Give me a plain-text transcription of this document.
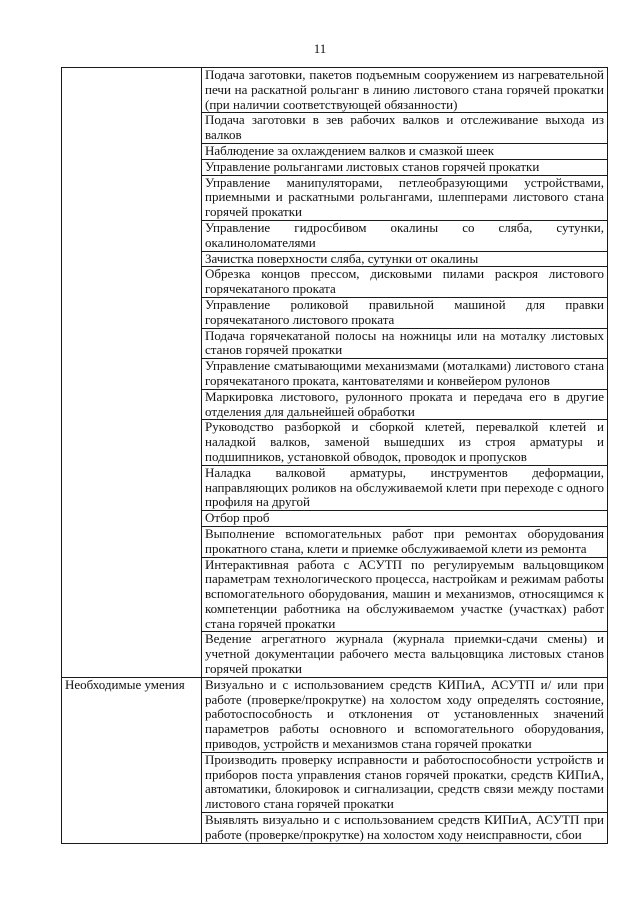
11
	Подача заготовки, пакетов подъемным сооружением из нагревательной печи на раскатной рольганг в линию листового стана горячей прокатки (при наличии соответствующей обязанности)
	Подача заготовки в зев рабочих валков и отслеживание выхода из валков
	Наблюдение за охлаждением валков и смазкой шеек
	Управление рольгангами листовых станов горячей прокатки
	Управление манипуляторами, петлеобразующими устройствами, приемными и раскатными рольгангами, шлепперами листового стана горячей прокатки
	Управление гидросбивом окалины со сляба, сутунки, окалиноломателями
	Зачистка поверхности сляба, сутунки от окалины
	Обрезка концов прессом, дисковыми пилами раскроя листового горячекатаного проката
	Управление роликовой правильной машиной для правки горячекатаного листового проката
	Подача горячекатаной полосы на ножницы или на моталку листовых станов горячей прокатки
	Управление сматывающими механизмами (моталками) листового стана горячекатаного проката, кантователями и конвейером рулонов
	Маркировка листового, рулонного проката и передача его в другие отделения для дальнейшей обработки
	Руководство разборкой и сборкой клетей, перевалкой клетей и наладкой валков, заменой вышедших из строя арматуры и подшипников, установкой обводок, проводок и пропусков
	Наладка валковой арматуры, инструментов деформации, направляющих роликов на обслуживаемой клети при переходе с одного профиля на другой
	Отбор проб
	Выполнение вспомогательных работ при ремонтах оборудования прокатного стана, клети и приемке обслуживаемой клети из ремонта
	Интерактивная работа с АСУТП по регулируемым вальцовщиком параметрам технологического процесса, настройкам и режимам работы вспомогательного оборудования, машин и механизмов, относящимся к компетенции работника на обслуживаемом участке (участках) работ стана горячей прокатки
	Ведение агрегатного журнала (журнала приемки-сдачи смены) и учетной документации рабочего места вальцовщика листовых станов горячей прокатки
Необходимые умения	Визуально и с использованием средств КИПиА, АСУТП и/ или при работе (проверке/прокрутке) на холостом ходу определять состояние, работоспособность и отклонения от установленных значений параметров работы основного и вспомогательного оборудования, приводов, устройств и механизмов стана горячей прокатки
	Производить проверку исправности и работоспособности устройств и приборов поста управления станов горячей прокатки, средств КИПиА, автоматики, блокировок и сигнализации, средств связи между постами листового стана горячей прокатки
	Выявлять визуально и с использованием средств КИПиА, АСУТП при работе (проверке/прокрутке) на холостом ходу неисправности, сбои
